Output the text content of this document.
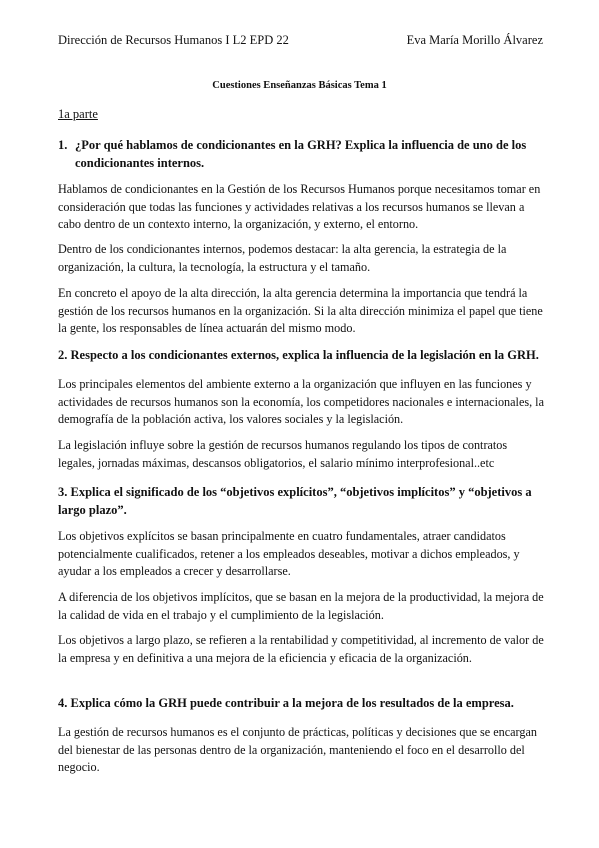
Dirección de Recursos Humanos I L2 EPD 22	Eva María Morillo Álvarez
Cuestiones Enseñanzas Básicas Tema 1
1a parte
1. ¿Por qué hablamos de condicionantes en la GRH? Explica la influencia de uno de los condicionantes internos.
Hablamos de condicionantes en la Gestión de los Recursos Humanos porque necesitamos tomar en consideración que todas las funciones y actividades relativas a los recursos humanos se llevan a cabo dentro de un contexto interno, la organización, y externo, el entorno.
Dentro de los condicionantes internos, podemos destacar: la alta gerencia, la estrategia de la organización, la cultura, la tecnología, la estructura y el tamaño.
En concreto el apoyo de la alta dirección, la alta gerencia determina la importancia que tendrá la gestión de los recursos humanos en la organización. Si la alta dirección minimiza el papel que tiene la gente, los responsables de línea actuarán del mismo modo.
2. Respecto a los condicionantes externos, explica la influencia de la legislación en la GRH.
Los principales elementos del ambiente externo a la organización que influyen en las funciones y actividades de recursos humanos son la economía, los competidores nacionales e internacionales, la demografía de la población activa, los valores sociales y la legislación.
La legislación influye sobre la gestión de recursos humanos regulando los tipos de contratos legales, jornadas máximas, descansos obligatorios, el salario mínimo interprofesional..etc
3. Explica el significado de los “objetivos explícitos”, “objetivos implícitos” y “objetivos a largo plazo”.
Los objetivos explícitos se basan principalmente en cuatro fundamentales, atraer candidatos potencialmente cualificados, retener a los empleados deseables, motivar a dichos empleados, y ayudar a los empleados a crecer y desarrollarse.
A diferencia de los objetivos implícitos, que se basan en la mejora de la productividad, la mejora de la calidad de vida en el trabajo y el cumplimiento de la legislación.
Los objetivos a largo plazo, se refieren a la rentabilidad y competitividad, al incremento de valor de la empresa y en definitiva a una mejora de la eficiencia y eficacia de la organización.
4. Explica cómo la GRH puede contribuir a la mejora de los resultados de la empresa.
La gestión de recursos humanos es el conjunto de prácticas, políticas y decisiones que se encargan del bienestar de las personas dentro de la organización, manteniendo el foco en el desarrollo del negocio.
